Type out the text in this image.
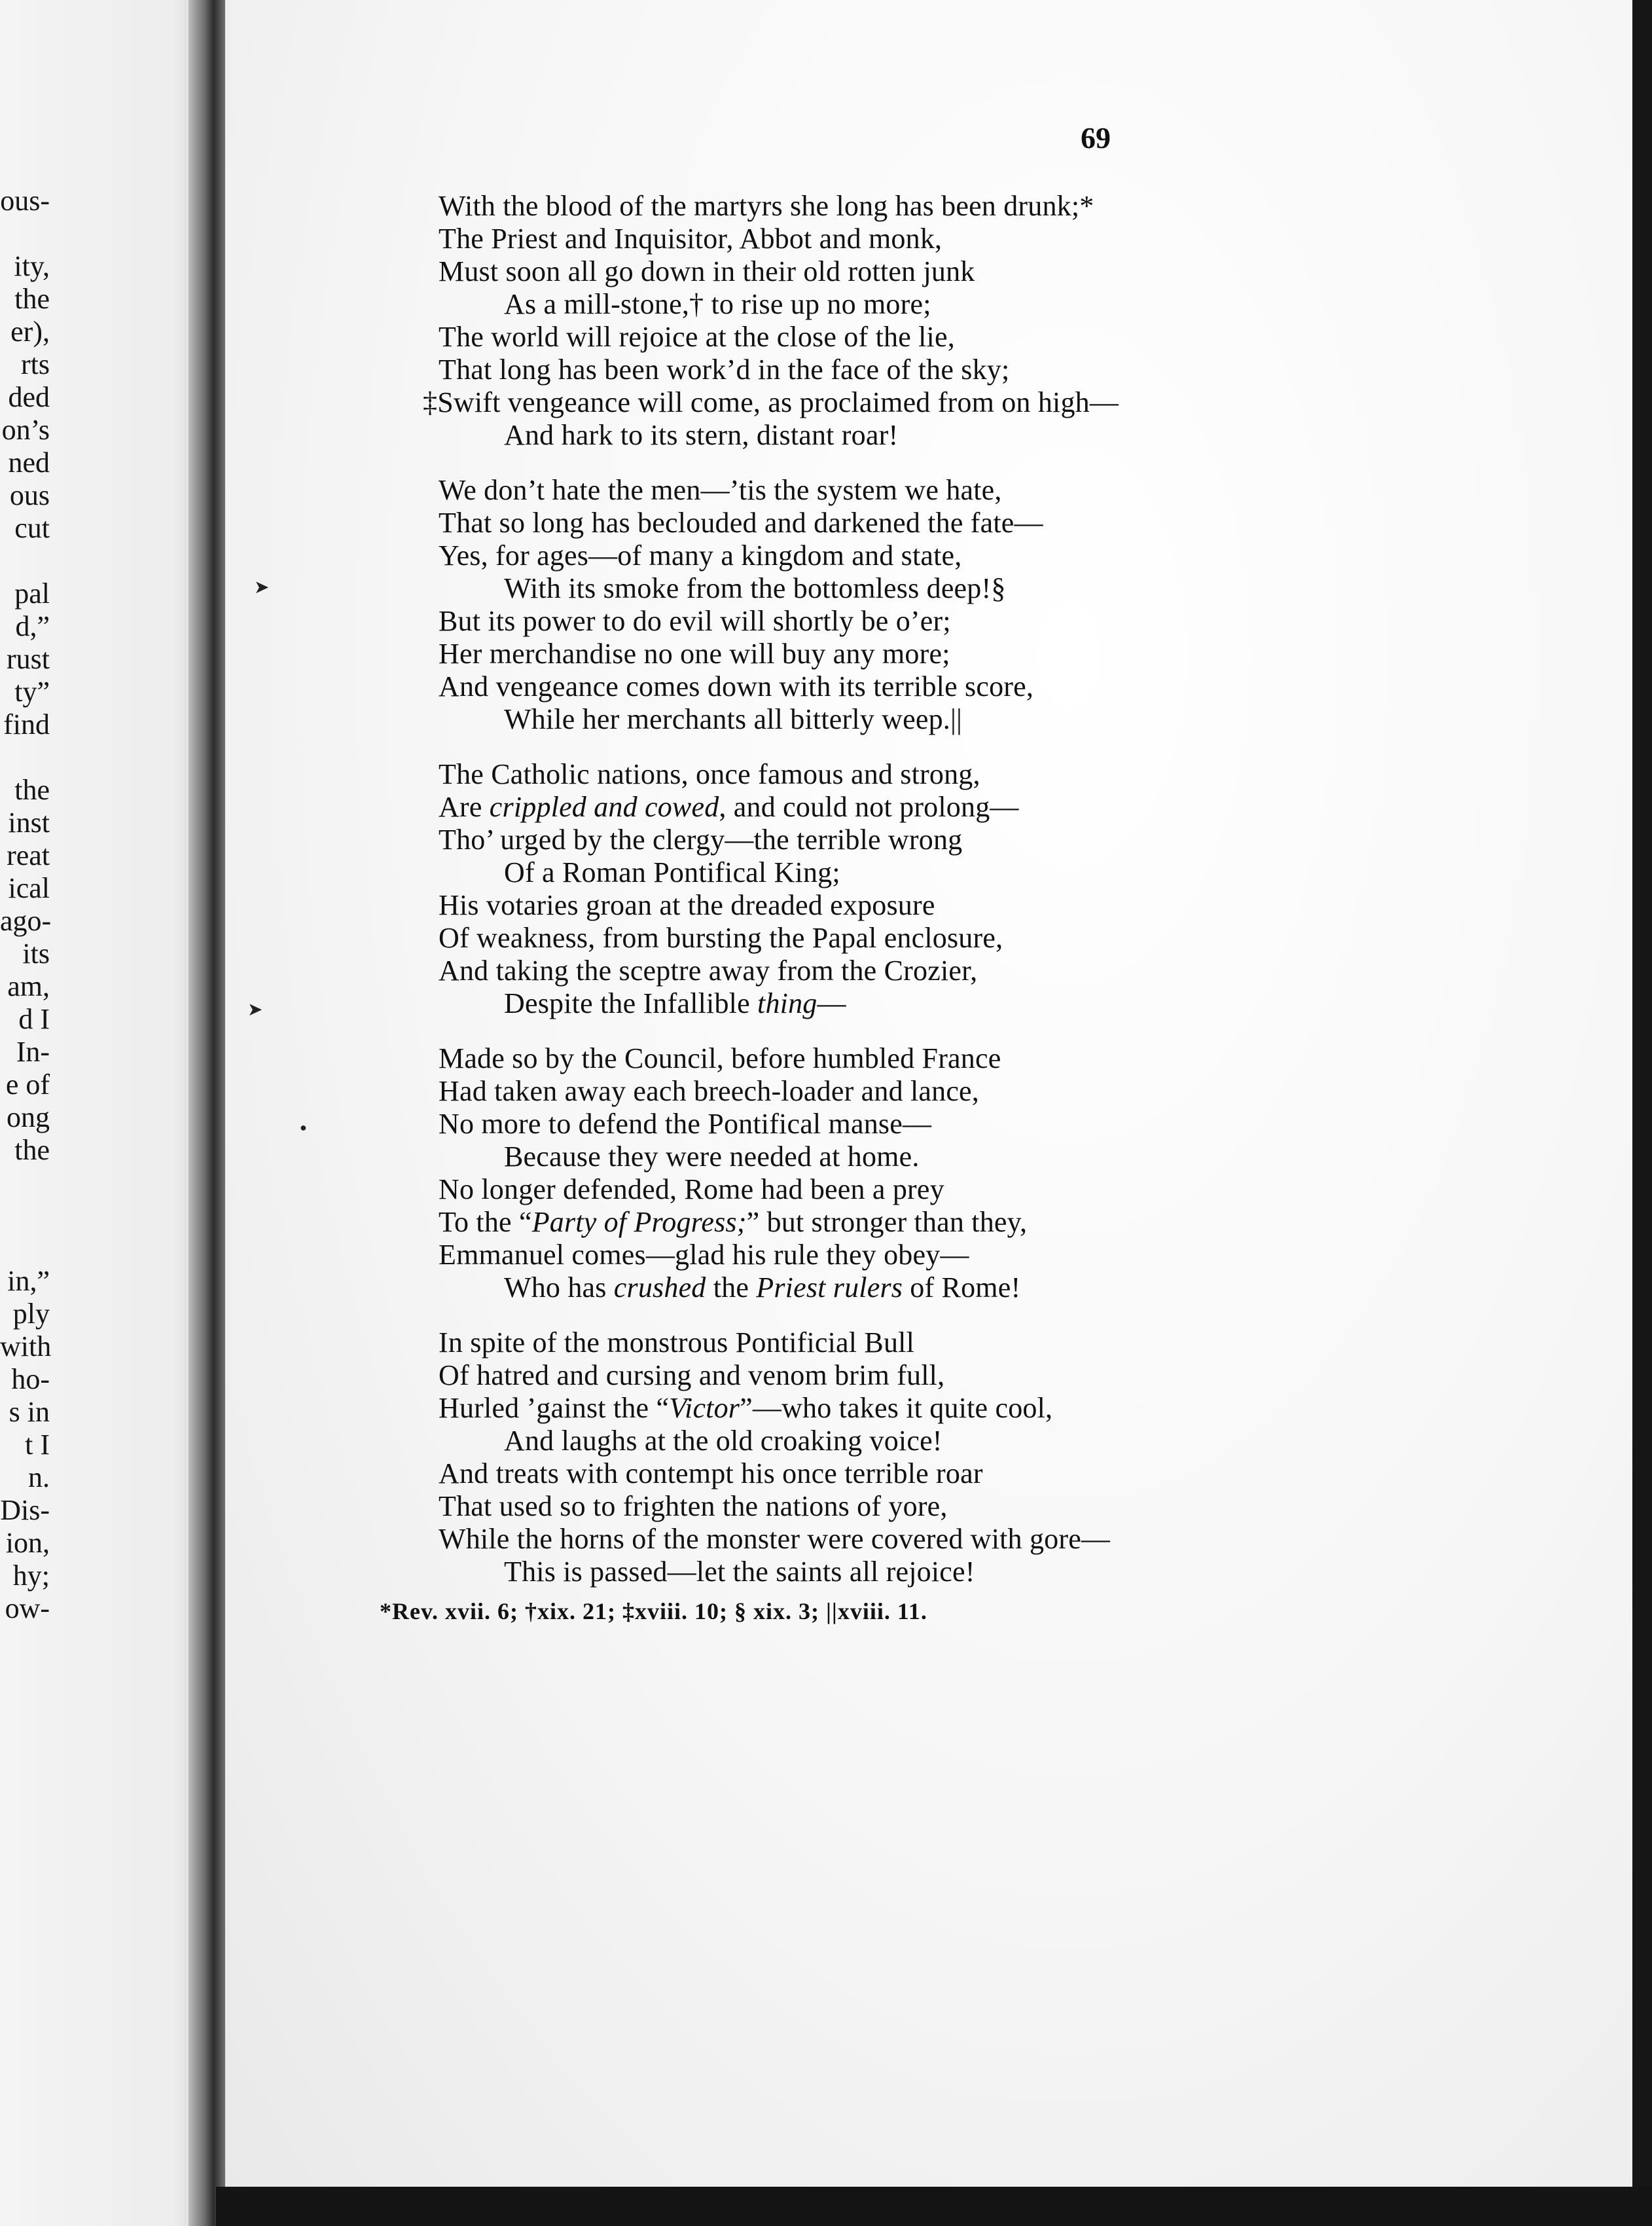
ous-
ity,
the
er),
rts
ded
on’s
ned
ous
cut
pal
d,”
rust
ty”
find
the
inst
reat
ical
ago-
its
am,
d I
In-
e of
ong
the
in,”
ply
with
ho-
s in
t I
n.
Dis-
ion,
hy;
ow-
69
With the blood of the martyrs she long has been drunk;*
The Priest and Inquisitor, Abbot and monk,
Must soon all go down in their old rotten junk
As a mill-stone,† to rise up no more;
The world will rejoice at the close of the lie,
That long has been work’d in the face of the sky;
‡Swift vengeance will come, as proclaimed from on high—
And hark to its stern, distant roar!
We don’t hate the men—’tis the system we hate,
That so long has beclouded and darkened the fate—
Yes, for ages—of many a kingdom and state,
With its smoke from the bottomless deep!§
But its power to do evil will shortly be o’er;
Her merchandise no one will buy any more;
And vengeance comes down with its terrible score,
While her merchants all bitterly weep.||
The Catholic nations, once famous and strong,
Are crippled and cowed, and could not prolong—
Tho’ urged by the clergy—the terrible wrong
Of a Roman Pontifical King;
His votaries groan at the dreaded exposure
Of weakness, from bursting the Papal enclosure,
And taking the sceptre away from the Crozier,
Despite the Infallible thing—
Made so by the Council, before humbled France
Had taken away each breech-loader and lance,
No more to defend the Pontifical manse—
Because they were needed at home.
No longer defended, Rome had been a prey
To the “Party of Progress;” but stronger than they,
Emmanuel comes—glad his rule they obey—
Who has crushed the Priest rulers of Rome!
In spite of the monstrous Pontificial Bull
Of hatred and cursing and venom brim full,
Hurled ’gainst the “Victor”—who takes it quite cool,
And laughs at the old croaking voice!
And treats with contempt his once terrible roar
That used so to frighten the nations of yore,
While the horns of the monster were covered with gore—
This is passed—let the saints all rejoice!
*Rev. xvii. 6; †xix. 21; ‡xviii. 10; § xix. 3; ||xviii. 11.
➤
➤
●
